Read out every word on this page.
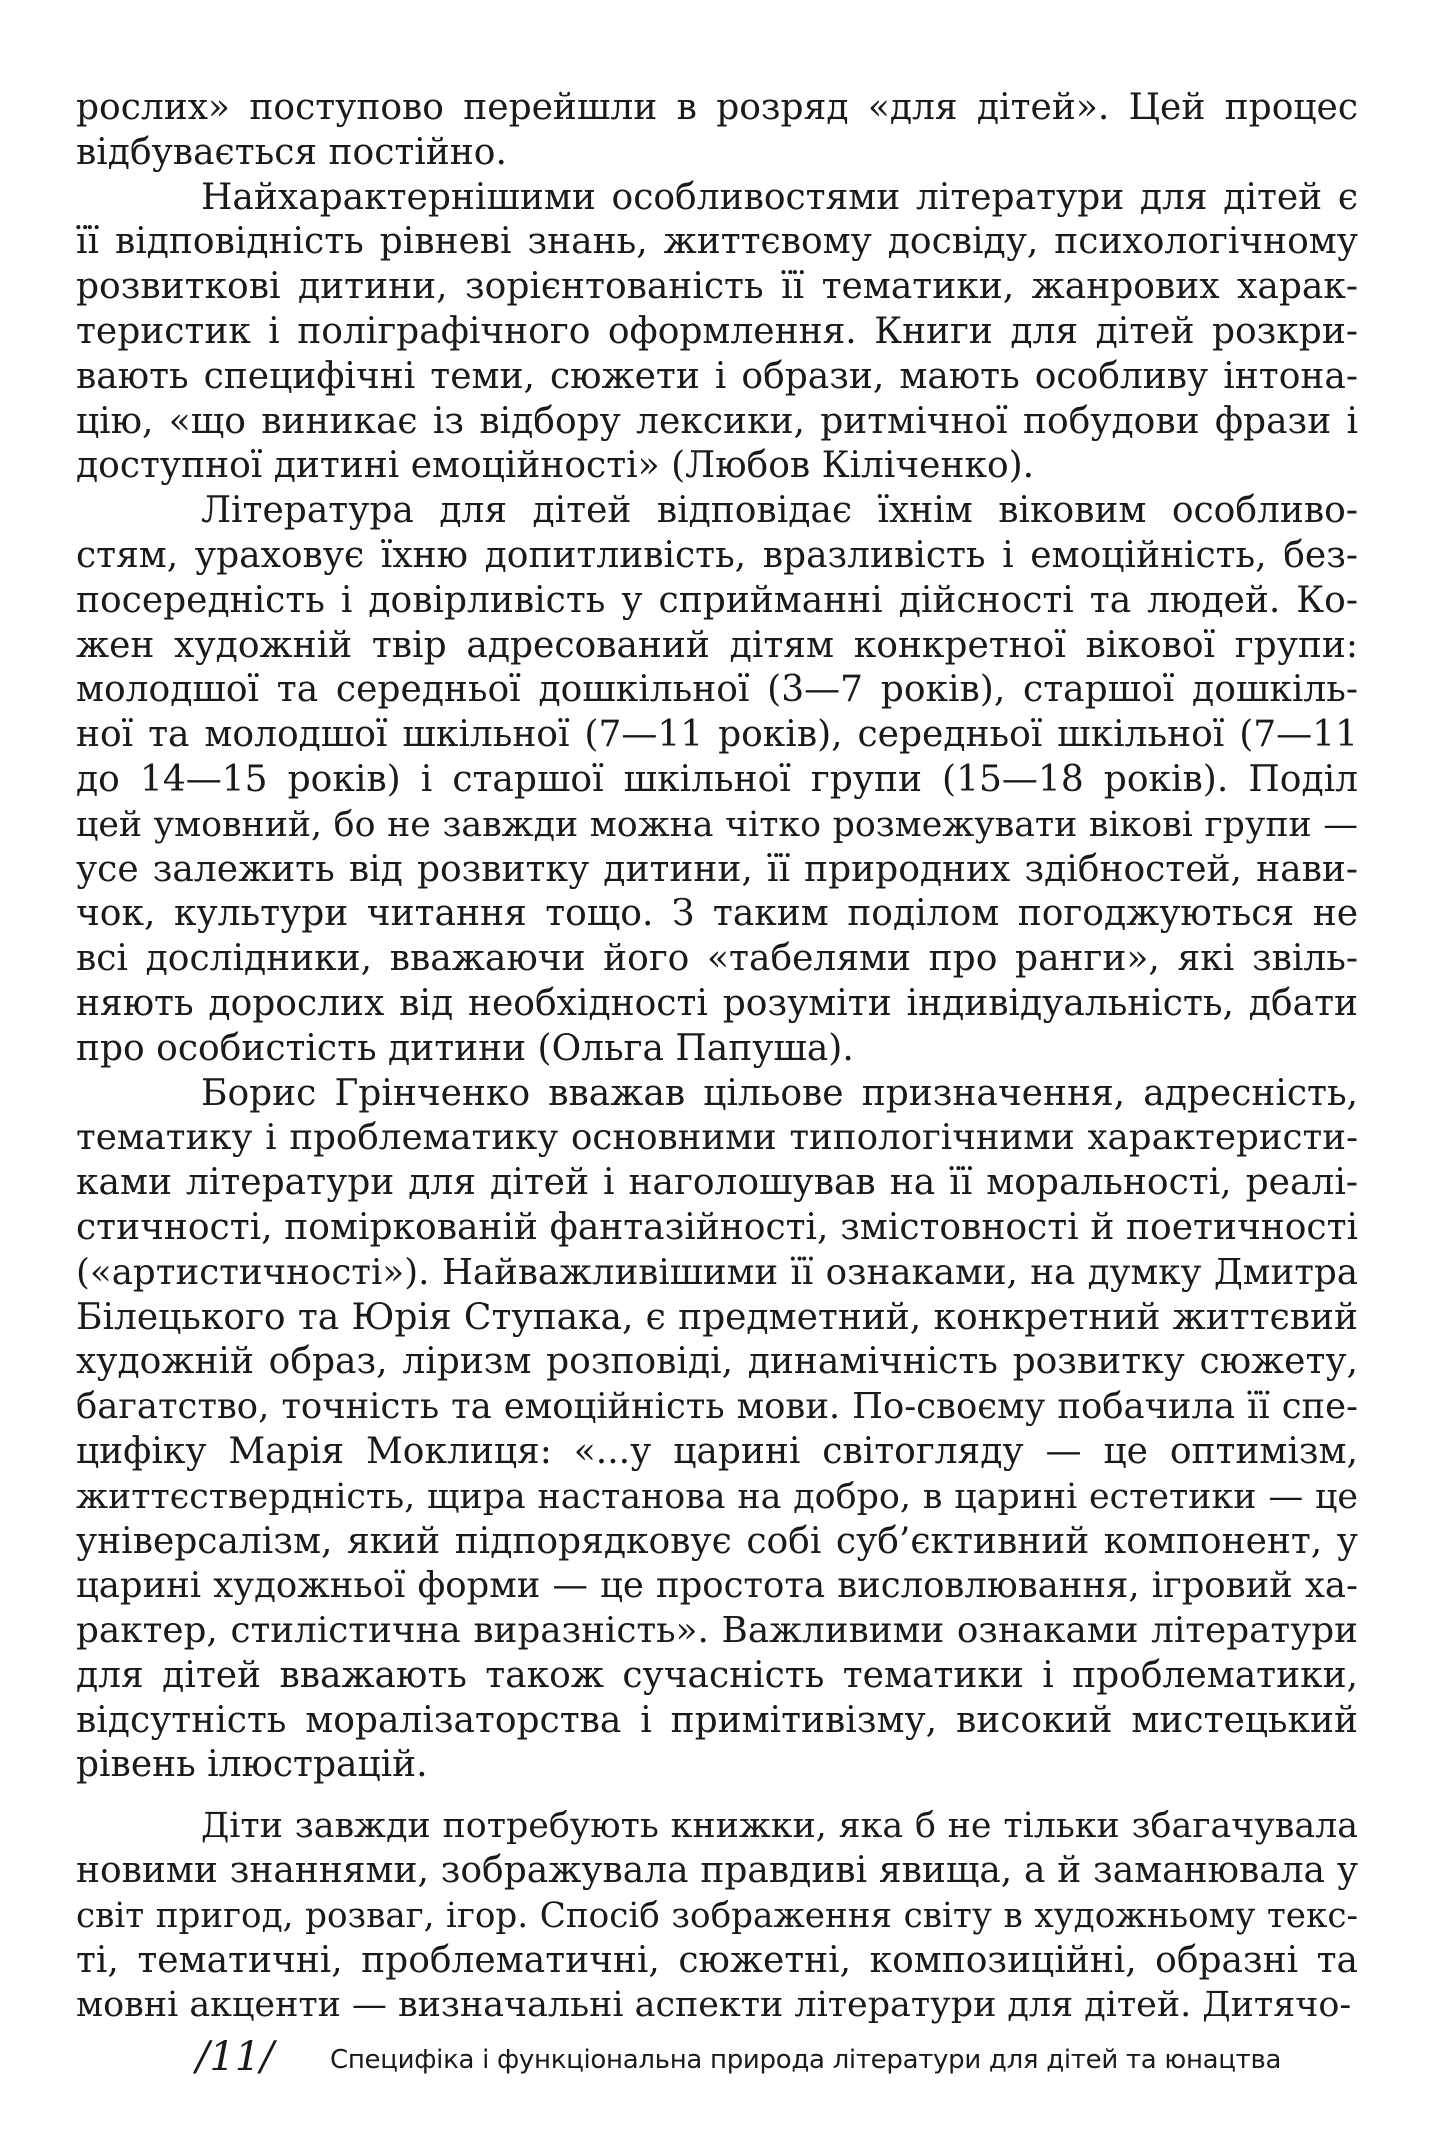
рослих» поступово перейшли в розряд «для дітей». Цей процес
відбувається постійно.
Найхарактернішими особливостями літератури для дітей є
її відповідність рівневі знань, життєвому досвіду, психологічному
розвиткові дитини, зорієнтованість її тематики, жанрових харак-
теристик і поліграфічного оформлення. Книги для дітей розкри-
вають специфічні теми, сюжети і образи, мають особливу інтона-
цію, «що виникає із відбору лексики, ритмічної побудови фрази і
доступної дитині емоційності» (Любов Кіліченко).
Література для дітей відповідає їхнім віковим особливо-
стям, ураховує їхню допитливість, вразливість і емоційність, без-
посередність і довірливість у сприйманні дійсності та людей. Ко-
жен художній твір адресований дітям конкретної вікової групи:
молодшої та середньої дошкільної (3—7 років), старшої дошкіль-
ної та молодшої шкільної (7—11 років), середньої шкільної (7—11
до 14—15 років) і старшої шкільної групи (15—18 років). Поділ
цей умовний, бо не завжди можна чітко розмежувати вікові групи —
усе залежить від розвитку дитини, її природних здібностей, нави-
чок, культури читання тощо. З таким поділом погоджуються не
всі дослідники, вважаючи його «табелями про ранги», які звіль-
няють дорослих від необхідності розуміти індивідуальність, дбати
про особистість дитини (Ольга Папуша).
Борис Грінченко вважав цільове призначення, адресність,
тематику і проблематику основними типологічними характеристи-
ками літератури для дітей і наголошував на її моральності, реалі-
стичності, поміркованій фантазійності, змістовності й поетичності
(«артистичності»). Найважливішими її ознаками, на думку Дмитра
Білецького та Юрія Ступака, є предметний, конкретний життєвий
художній образ, ліризм розповіді, динамічність розвитку сюжету,
багатство, точність та емоційність мови. По-своєму побачила її спе-
цифіку Марія Моклиця: «...у царині світогляду — це оптимізм,
життєствердність, щира настанова на добро, в царині естетики — це
універсалізм, який підпорядковує собі суб’єктивний компонент, у
царині художньої форми — це простота висловлювання, ігровий ха-
рактер, стилістична виразність». Важливими ознаками літератури
для дітей вважають також сучасність тематики і проблематики,
відсутність моралізаторства і примітивізму, високий мистецький
рівень ілюстрацій.
Діти завжди потребують книжки, яка б не тільки збагачувала
новими знаннями, зображувала правдиві явища, а й заманювала у
світ пригод, розваг, ігор. Спосіб зображення світу в художньому текс-
ті, тематичні, проблематичні, сюжетні, композиційні, образні та
мовні акценти — визначальні аспекти літератури для дітей. Дитячо-
/11/ Специфіка і функціональна природа літератури для дітей та юнацтва
